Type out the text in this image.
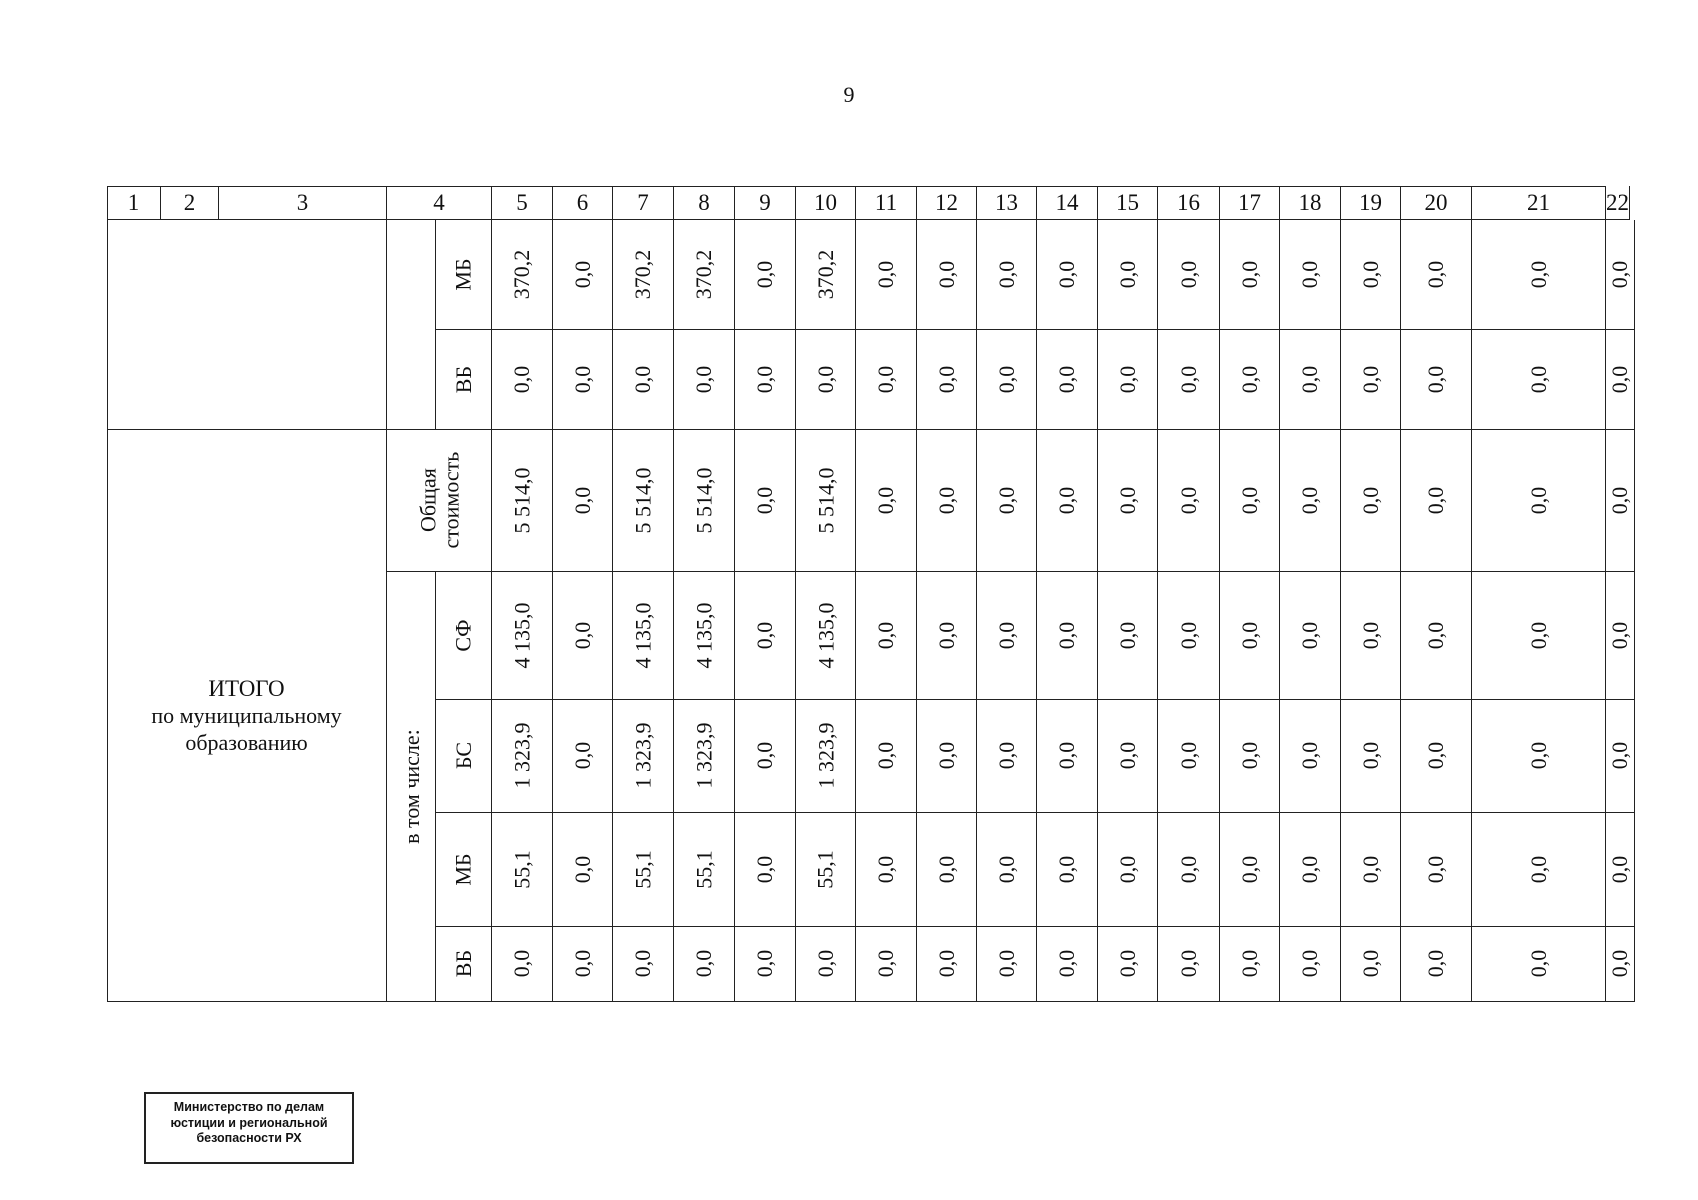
9
1 2	3	4	5 6 7 8 9 10 11 12 13 14 15 16 17 18 19 20	21 22
МБ 370,2 0,0 370,2 370,2 0,0 370,2 0,0 0,0 0,0 0,0 0,0 0,0 0,0 0,0 0,0 0,0	0,0	0,0
ВБ 0,0 0,0 0,0 0,0 0,0 0,0 0,0 0,0 0,0 0,0 0,0 0,0 0,0 0,0 0,0 0,0	0,0	0,0
ИТОГО
по муниципальному
образованию
Общая
стоимость 5 514,0 0,0 5 514,0 5 514,0 0,0 5 514,0 0,0 0,0 0,0 0,0 0,0 0,0 0,0 0,0 0,0 0,0	0,0	0,0
в том числе:
СФ 4 135,0 0,0 4 135,0 4 135,0 0,0 4 135,0 0,0 0,0 0,0 0,0 0,0 0,0 0,0 0,0 0,0 0,0	0,0	0,0
БС 1 323,9 0,0 1 323,9 1 323,9 0,0 1 323,9 0,0 0,0 0,0 0,0 0,0 0,0 0,0 0,0 0,0 0,0	0,0	0,0
МБ 55,1 0,0 55,1 55,1 0,0 55,1 0,0 0,0 0,0 0,0 0,0 0,0 0,0 0,0 0,0 0,0	0,0	0,0
ВБ 0,0 0,0 0,0 0,0 0,0 0,0 0,0 0,0 0,0 0,0 0,0 0,0 0,0 0,0 0,0 0,0	0,0	0,0
Министерство по делам
юстиции и региональной
безопасности РХ
